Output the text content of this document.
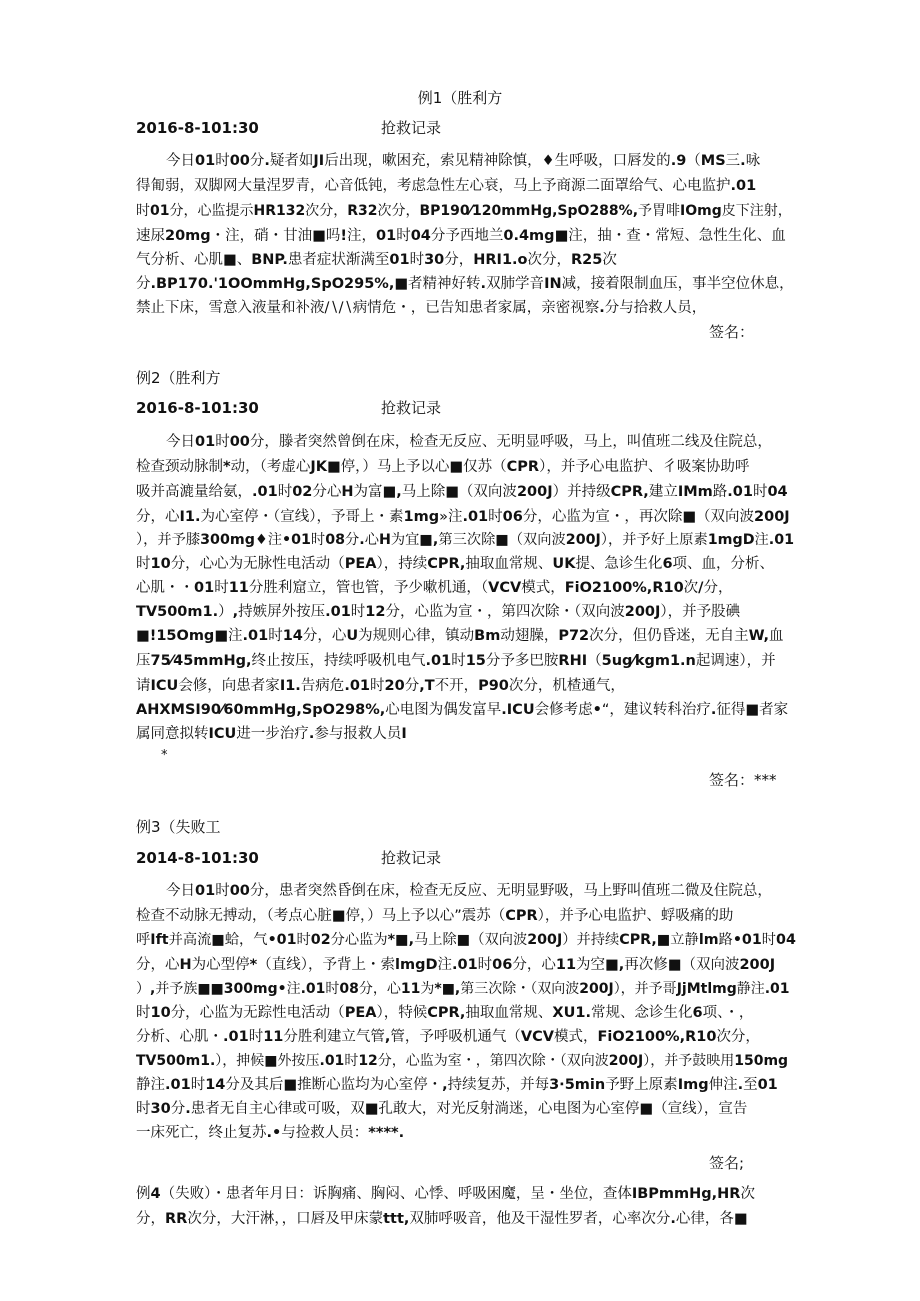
例1（胜利方
2016-8-101:30	抢救记录
今日01时00分.疑者如JI后出现，嗽困充，索见精神除慎，♦生呼吸，口唇发的.9（MS三.咏
得匍弱，双脚网大量涅罗青，心音低钝，考虑急性左心衰，马上予商源二面罩给气、心电监护.01
时01分，心监提示HR132次分，R32次分，BP190⁄120mmHg,SpO288%,予胃啡IOmg皮下注射，
速尿20mg・注，硝・甘油■吗!注，01时04分予西地兰0.4mg■注，抽・查・常短、急性生化、血
气分析、心肌■、BNP.患者症状渐满至01时30分，HRI1.o次分，R25次
分.BP170.'1OOmmHg,SpO295%,■者精神好转.双肺学音IN减，接着限制血压，事半空位休息，
禁止下床，雪意入液量和补液∕∖∕∖病情危・，已告知患者家属，亲密视察.分与拾救人员，
签名：
例2（胜利方
2016-8-101:30	抢救记录
今日01时00分，滕者突然曾倒在床，检查无反应、无明显呼吸，马上，叫值班二线及住院总，
检查颈动脉制*动，（考虚心JK■停，）马上予以心■仅苏（CPR），并予心电监护、彳吸案协助呼
吸并高漉量给氨，.01时02分心H为富■,马上除■（双向波200J）并持级CPR,建立IMm路.01时04
分，心I1.为心室停・（宣线），予哥上・素1mg»注.01时06分，心监为宣・，再次除■（双向波200J
），并予膝300mg♦注•01时08分.心H为宜■,第三次除■（双向波200J），并予好上原素1mgD注.01
时10分，心心为无脉性电活动（PEA），持续CPR,抽取血常规、UK提、急诊生化6项、血，分析、
心肌・・01时11分胜利窟立，管也管，予少嗽机通，（VCV模式，FiO2100%,R10次/分，
TV500m1.）,持嫉屏外按压.01时12分，心监为宣・，第四次除・（双向波200J），并予股碘
■!15Omg■注.01时14分，心U为规则心律，镇动Bm动翅臊，P72次分，但仍昏迷，无自主W,血
压75⁄45mmHg,终止按压，持续呼吸机电气.01时15分予多巴胺RHI（5ug⁄kgm1.n起调速），并
请ICU会修，向患者家I1.告病危.01时20分,T不开，P90次分，机楂通气，
AHXMSI90⁄60mmHg,SpO298%,心电图为偶发富早.ICU会修考虑•“，建议转科治疗.征得■者家
属同意拟转ICU进一步治疗.参与报救人员I
*
签名：***
例3（失败工
2014-8-101:30	抢救记录
今日01时00分，患者突然昏倒在床，检查无反应、无明显野吸，马上野叫值班二微及住院总，
检查不动脉无搏动，（考点心脏■停，）马上予以心”震苏（CPR），并予心电监护、蜉吸痛的助
呼Ift并高流■蛤，气•01时02分心监为*■,马上除■（双向波200J）并持续CPR,■立静lm路•01时04
分，心H为心型停*（直线），予背上・索lmgD注.01时06分，心11为空■,再次修■（双向波200J
）,并予族■■300mg•注.01时08分，心11为*■,第三次除・（双向波200J），并予哥JjMtlmg静注.01
时10分，心监为无踪性电活动（PEA），特候CPR,抽取血常规、XU1.常规、念诊生化6项、・，
分析、心肌・.01时11分胜利建立气管,管，予呼吸机通气（VCV模式，FiO2100%,R10次分，
TV500m1.），抻候■外按压.01时12分，心监为室・，第四次除・（双向波200J），并予鼓映用150mg
静注.01时14分及其后■推断心监均为心室停・,持续复苏，并每3∙5min予野上原素Img伸注.至01
时30分.患者无自主心律或可吸，双■孔敢大，对光反射淌迷，心电图为心室停■（宣线），宣告
一床死亡，终止复苏.•与捡救人员：****.
签名;
例4（失败）・患者年月日：诉胸痛、胸闷、心悸、呼吸困魔，呈・坐位，查体IBPmmHg,HR次
分，RR次分，大汗淋，，口唇及甲床蒙ttt,双肺呼吸音，他及干湿性罗者，心率次分.心律，各■
